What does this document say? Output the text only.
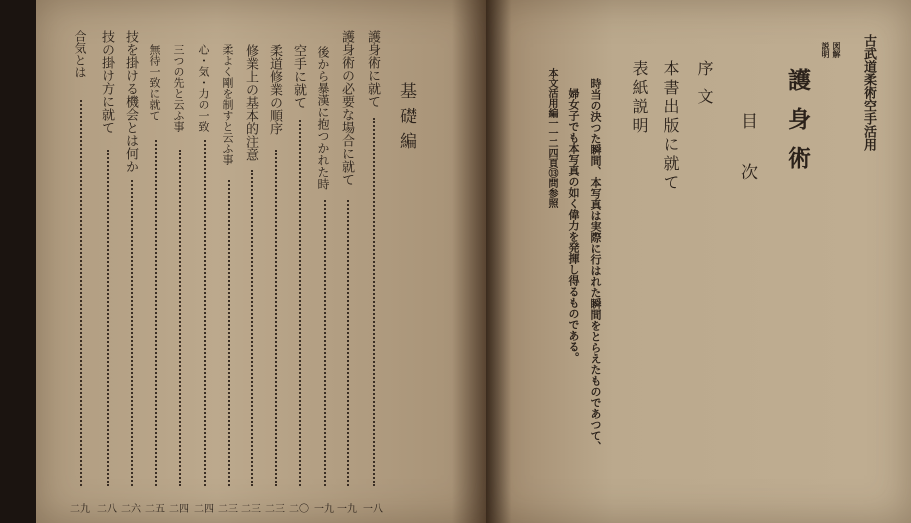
基礎編
護身術に就て
一八
護身術の必要な場合に就て
一九
後から暴漢に抱つかれた時
一九
空手に就て
二〇
柔道修業の順序
二三
修業上の基本的注意
二三
柔よく剛を制すと云ふ事
二三
心・気・力の一致
二四
三つの先と云ふ事
二四
無待一致に就て
二五
技を掛ける機会とは何か
二六
技の掛け方に就て
二八
合気とは
二九
古武道柔術空手活用
図解
説明
護身術
目次
序文
本書出版に就て
表紙説明
時当の決つた瞬間、本写真は実際に行はれた瞬間をとらえたものであつて、
婦女子でも本写真の如く偉力を発揮し得るものである。
本文活用編一一二四頁⑬問参照
